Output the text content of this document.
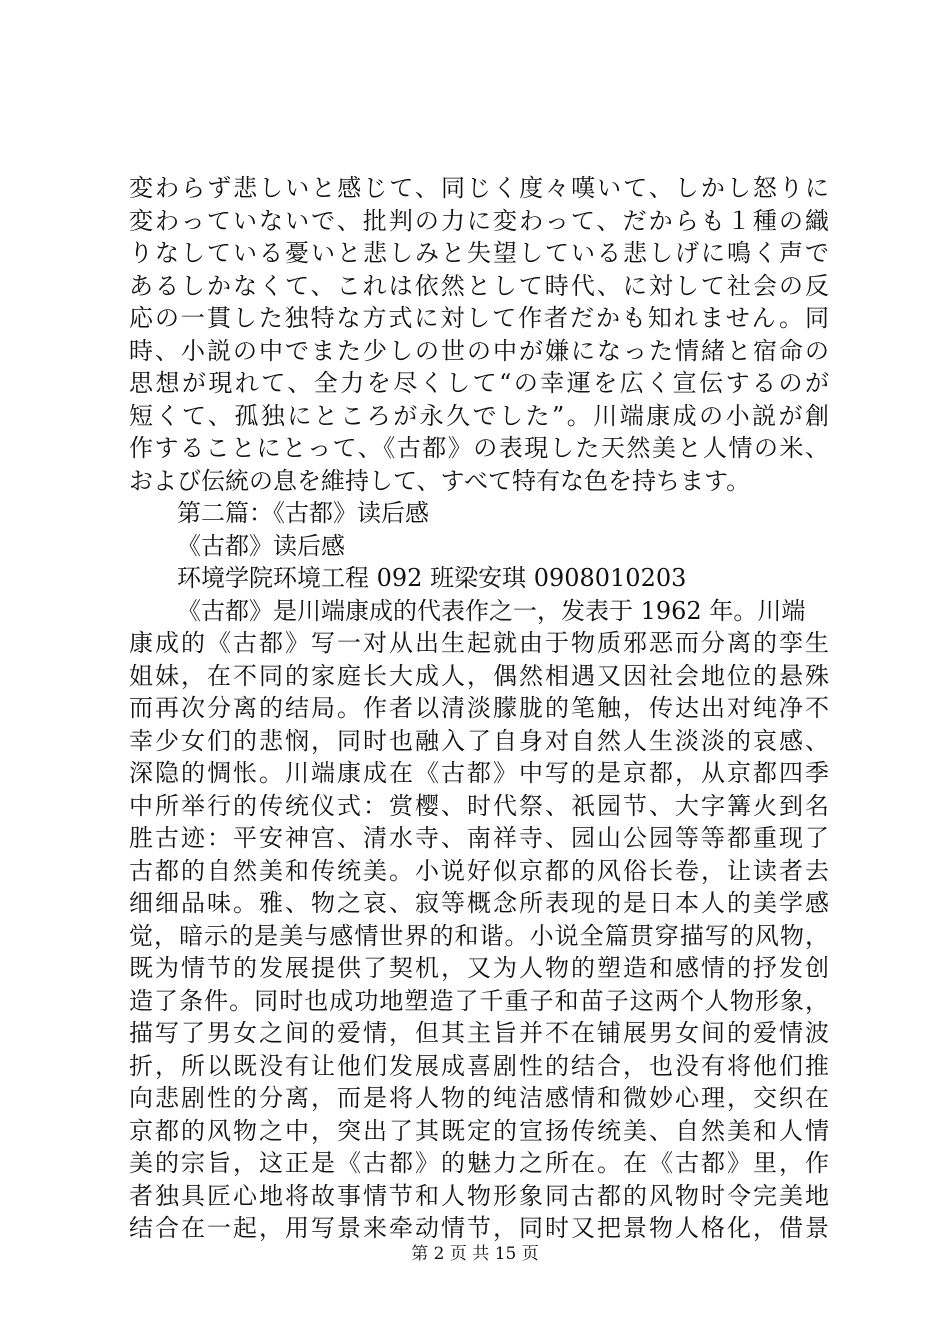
変わらず悲しいと感じて、同じく度々嘆いて、しかし怒りに
変わっていないで、批判の力に変わって、だからも１種の織
りなしている憂いと悲しみと失望している悲しげに鳴く声で
あるしかなくて、これは依然として時代、に対して社会の反
応の一貫した独特な方式に対して作者だかも知れません。同
時、小説の中でまた少しの世の中が嫌になった情緒と宿命の
思想が現れて、全力を尽くして“の幸運を広く宣伝するのが
短くて、孤独にところが永久でした”。川端康成の小説が創
作することにとって、《古都》の表現した天然美と人情の米、
および伝統の息を維持して、すべて特有な色を持ちます。
第二篇：《古都》读后感
《古都》读后感
环境学院环境工程 092 班梁安琪 0908010203
《古都》是川端康成的代表作之一，发表于 1962 年。川端
康成的《古都》写一对从出生起就由于物质邪恶而分离的孪生
姐妹，在不同的家庭长大成人，偶然相遇又因社会地位的悬殊
而再次分离的结局。作者以清淡朦胧的笔触，传达出对纯净不
幸少女们的悲悯，同时也融入了自身对自然人生淡淡的哀感、
深隐的惆怅。川端康成在《古都》中写的是京都，从京都四季
中所举行的传统仪式：赏樱、时代祭、祇园节、大字篝火到名
胜古迹：平安神宫、清水寺、南祥寺、园山公园等等都重现了
古都的自然美和传统美。小说好似京都的风俗长卷，让读者去
细细品味。雅、物之哀、寂等概念所表现的是日本人的美学感
觉，暗示的是美与感情世界的和谐。小说全篇贯穿描写的风物，
既为情节的发展提供了契机，又为人物的塑造和感情的抒发创
造了条件。同时也成功地塑造了千重子和苗子这两个人物形象，
描写了男女之间的爱情，但其主旨并不在铺展男女间的爱情波
折，所以既没有让他们发展成喜剧性的结合，也没有将他们推
向悲剧性的分离，而是将人物的纯洁感情和微妙心理，交织在
京都的风物之中，突出了其既定的宣扬传统美、自然美和人情
美的宗旨，这正是《古都》的魅力之所在。在《古都》里，作
者独具匠心地将故事情节和人物形象同古都的风物时令完美地
结合在一起，用写景来牵动情节，同时又把景物人格化，借景
第 2 页 共 15 页
